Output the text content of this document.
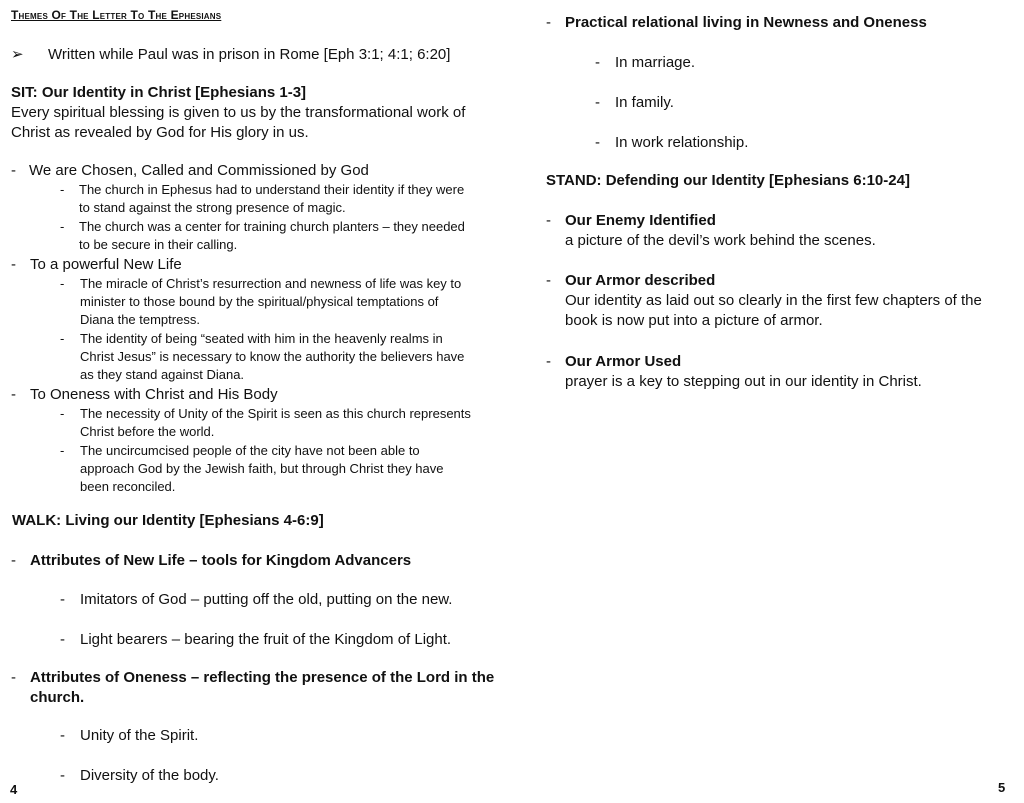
Themes Of The Letter To The Ephesians
➢ Written while Paul was in prison in Rome [Eph 3:1; 4:1; 6:20]
SIT: Our Identity in Christ [Ephesians 1-3]
Every spiritual blessing is given to us by the transformational work of
Christ as revealed by God for His glory in us.
- We are Chosen, Called and Commissioned by God
- The church in Ephesus had to understand their identity if they were
to stand against the strong presence of magic.
- The church was a center for training church planters – they needed
to be secure in their calling.
- To a powerful New Life
- The miracle of Christ’s resurrection and newness of life was key to
minister to those bound by the spiritual/physical temptations of
Diana the temptress.
- The identity of being “seated with him in the heavenly realms in
Christ Jesus” is necessary to know the authority the believers have
as they stand against Diana.
- To Oneness with Christ and His Body
- The necessity of Unity of the Spirit is seen as this church represents
Christ before the world.
- The uncircumcised people of the city have not been able to
approach God by the Jewish faith, but through Christ they have
been reconciled.
WALK: Living our Identity [Ephesians 4-6:9]
- Attributes of New Life – tools for Kingdom Advancers
- Imitators of God – putting off the old, putting on the new.
- Light bearers – bearing the fruit of the Kingdom of Light.
- Attributes of Oneness – reflecting the presence of the Lord in the
church.
- Unity of the Spirit.
- Diversity of the body.
4
- Practical relational living in Newness and Oneness
- In marriage.
- In family.
- In work relationship.
STAND: Defending our Identity [Ephesians 6:10-24]
- Our Enemy Identified
a picture of the devil’s work behind the scenes.
- Our Armor described
Our identity as laid out so clearly in the first few chapters of the
book is now put into a picture of armor.
- Our Armor Used
prayer is a key to stepping out in our identity in Christ.
5
